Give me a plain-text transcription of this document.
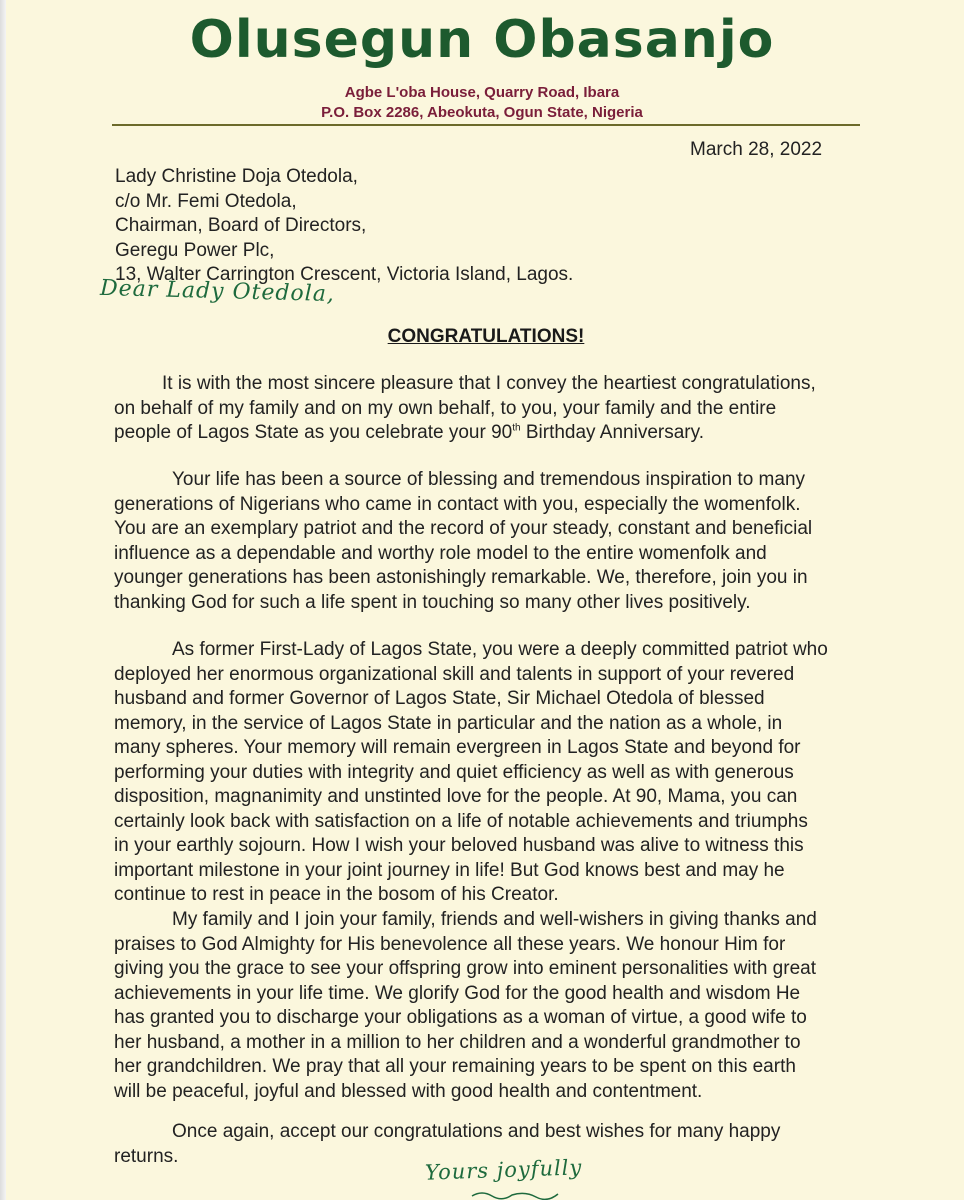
Olusegun Obasanjo
Agbe L'oba House, Quarry Road, Ibara
P.O. Box 2286, Abeokuta, Ogun State, Nigeria
March 28, 2022
Lady Christine Doja Otedola,
c/o Mr. Femi Otedola,
Chairman, Board of Directors,
Geregu Power Plc,
13, Walter Carrington Crescent, Victoria Island, Lagos.
Dear Lady Otedola,
CONGRATULATIONS!
It is with the most sincere pleasure that I convey the heartiest congratulations,
on behalf of my family and on my own behalf, to you, your family and the entire
people of Lagos State as you celebrate your 90th Birthday Anniversary.
Your life has been a source of blessing and tremendous inspiration to many
generations of Nigerians who came in contact with you, especially the womenfolk.
You are an exemplary patriot and the record of your steady, constant and beneficial
influence as a dependable and worthy role model to the entire womenfolk and
younger generations has been astonishingly remarkable. We, therefore, join you in
thanking God for such a life spent in touching so many other lives positively.
As former First-Lady of Lagos State, you were a deeply committed patriot who
deployed her enormous organizational skill and talents in support of your revered
husband and former Governor of Lagos State, Sir Michael Otedola of blessed
memory, in the service of Lagos State in particular and the nation as a whole, in
many spheres. Your memory will remain evergreen in Lagos State and beyond for
performing your duties with integrity and quiet efficiency as well as with generous
disposition, magnanimity and unstinted love for the people. At 90, Mama, you can
certainly look back with satisfaction on a life of notable achievements and triumphs
in your earthly sojourn. How I wish your beloved husband was alive to witness this
important milestone in your joint journey in life! But God knows best and may he
continue to rest in peace in the bosom of his Creator.
My family and I join your family, friends and well-wishers in giving thanks and
praises to God Almighty for His benevolence all these years. We honour Him for
giving you the grace to see your offspring grow into eminent personalities with great
achievements in your life time. We glorify God for the good health and wisdom He
has granted you to discharge your obligations as a woman of virtue, a good wife to
her husband, a mother in a million to her children and a wonderful grandmother to
her grandchildren. We pray that all your remaining years to be spent on this earth
will be peaceful, joyful and blessed with good health and contentment.
Once again, accept our congratulations and best wishes for many happy
returns.	Yours joyfully
